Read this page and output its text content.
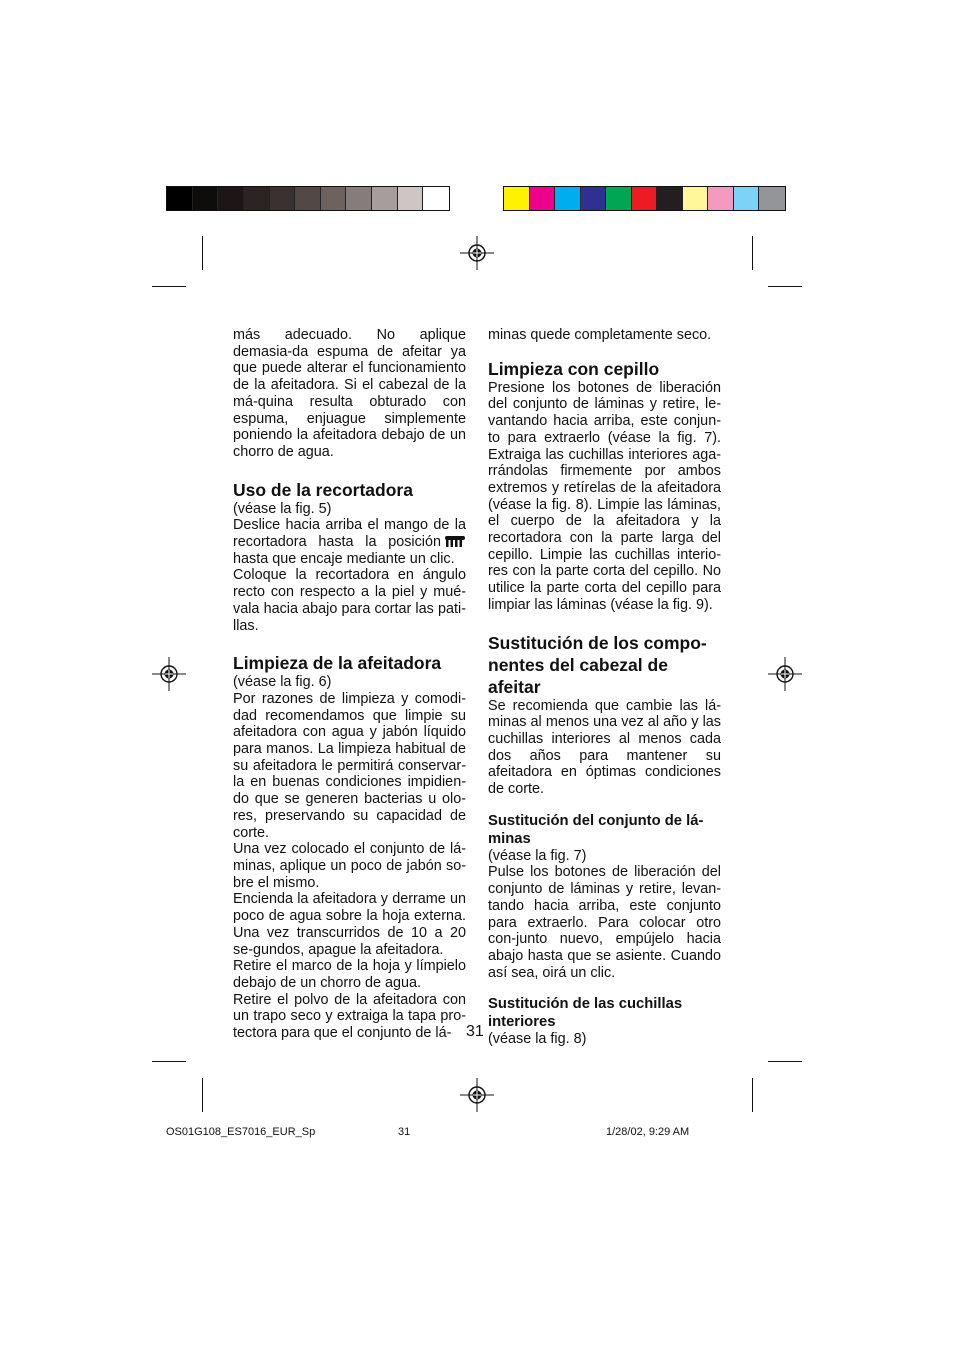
más adecuado. No aplique demasia-da espuma de afeitar ya que puede alterar el funcionamiento de la afeitadora. Si el cabezal de la má-quina resulta obturado con espuma, enjuague simplemente poniendo la afeitadora debajo de un chorro de agua.

Uso de la recortadora

(véase la fig. 5)

Deslice hacia arriba el mango de la recortadora hasta la posición hasta que encaje mediante un clic.

Coloque la recortadora en ángulo recto con respecto a la piel y mué-vala hacia abajo para cortar las pati-llas.

Limpieza de la afeitadora

(véase la fig. 6)

Por razones de limpieza y comodi-dad recomendamos que limpie su afeitadora con agua y jabón líquido para manos. La limpieza habitual de su afeitadora le permitirá conservar-la en buenas condiciones impidien-do que se generen bacterias u olo-res, preservando su capacidad de corte.

Una vez colocado el conjunto de lá-minas, aplique un poco de jabón so-bre el mismo.

Encienda la afeitadora y derrame un poco de agua sobre la hoja externa. Una vez transcurridos de 10 a 20 se-gundos, apague la afeitadora.

Retire el marco de la hoja y límpielo debajo de un chorro de agua.

Retire el polvo de la afeitadora con un trapo seco y extraiga la tapa pro-tectora para que el conjunto de lá-

minas quede completamente seco.

Limpieza con cepillo

Presione los botones de liberación del conjunto de láminas y retire, le-vantando hacia arriba, este conjun-to para extraerlo (véase la fig. 7). Extraiga las cuchillas interiores aga-rrándolas firmemente por ambos extremos y retírelas de la afeitadora (véase la fig. 8). Limpie las láminas, el cuerpo de la afeitadora y la recortadora con la parte larga del cepillo. Limpie las cuchillas interio-res con la parte corta del cepillo. No utilice la parte corta del cepillo para limpiar las láminas (véase la fig. 9).

Sustitución de los compo-nentes del cabezal de afeitar

Se recomienda que cambie las lá-minas al menos una vez al año y las cuchillas interiores al menos cada dos años para mantener su afeitadora en óptimas condiciones de corte.

Sustitución del conjunto de lá-minas

(véase la fig. 7)

Pulse los botones de liberación del conjunto de láminas y retire, levan-tando hacia arriba, este conjunto para extraerlo. Para colocar otro con-junto nuevo, empújelo hacia abajo hasta que se asiente. Cuando así sea, oirá un clic.

Sustitución de las cuchillas interiores

(véase la fig. 8)

31
OS01G108_ES7016_EUR_Sp	31	1/28/02, 9:29 AM
